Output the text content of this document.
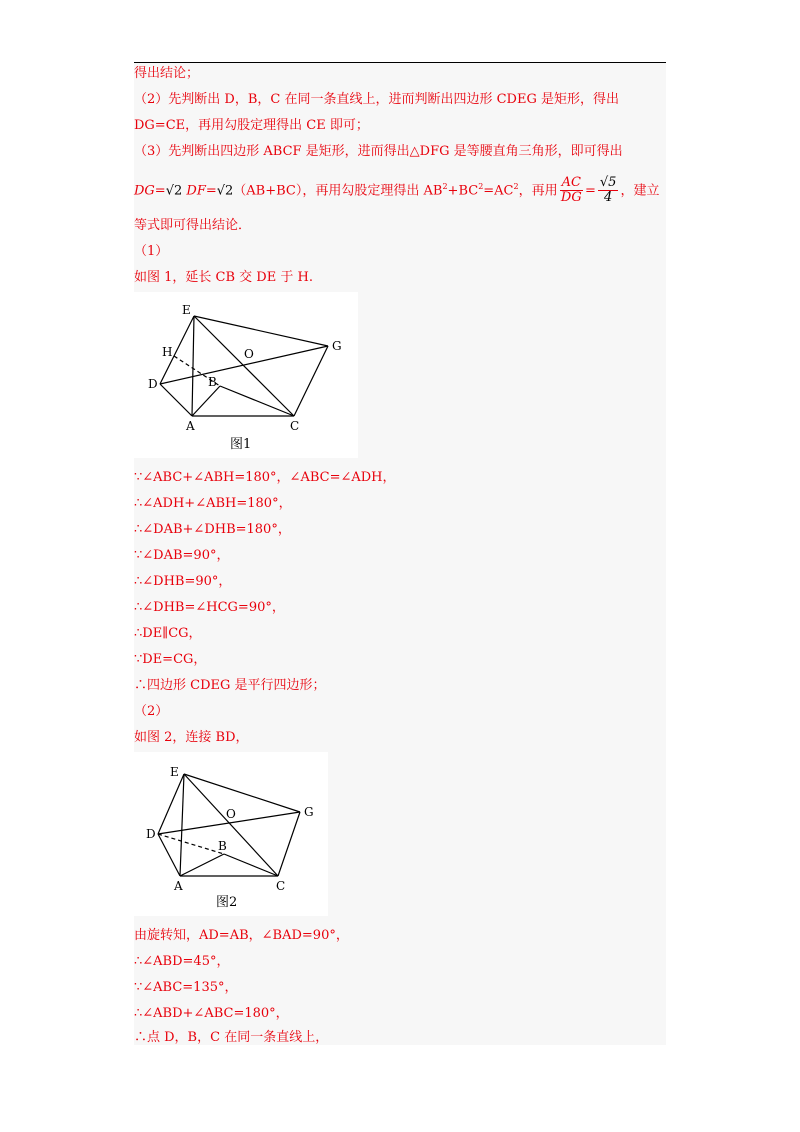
得出结论；
（2）先判断出 D，B，C 在同一条直线上，进而判断出四边形 CDEG 是矩形，得出
DG=CE，再用勾股定理得出 CE 即可；
（3）先判断出四边形 ABCF 是矩形，进而得出△DFG 是等腰直角三角形，即可得出
DG=√2 DF=√2（AB+BC），再用勾股定理得出 $AB^2+BC^2=AC^2$，再用 $\frac{AC}{DG} = \frac{√5}{4}$ ，建立
等式即可得出结论．
（1）
如图 1，延长 CB 交 DE 于 H.
E
H
D	B
O
G
A	C
图1
∵∠ABC+∠ABH=180°，∠ABC=∠ADH，
∴∠ADH+∠ABH=180°，
∴∠DAB+∠DHB=180°，
∵∠DAB=90°，
∴∠DHB=90°，
∴∠DHB=∠HCG=90°，
∴DE∥CG，
∵DE=CG，
∴四边形 CDEG 是平行四边形；
（2）
如图 2，连接 BD，
E
D
O	G
B
A	C
图2
由旋转知，AD=AB，∠BAD=90°，
∴∠ABD=45°，
∵∠ABC=135°，
∴∠ABD+∠ABC=180°，
∴点 D，B，C 在同一条直线上，
